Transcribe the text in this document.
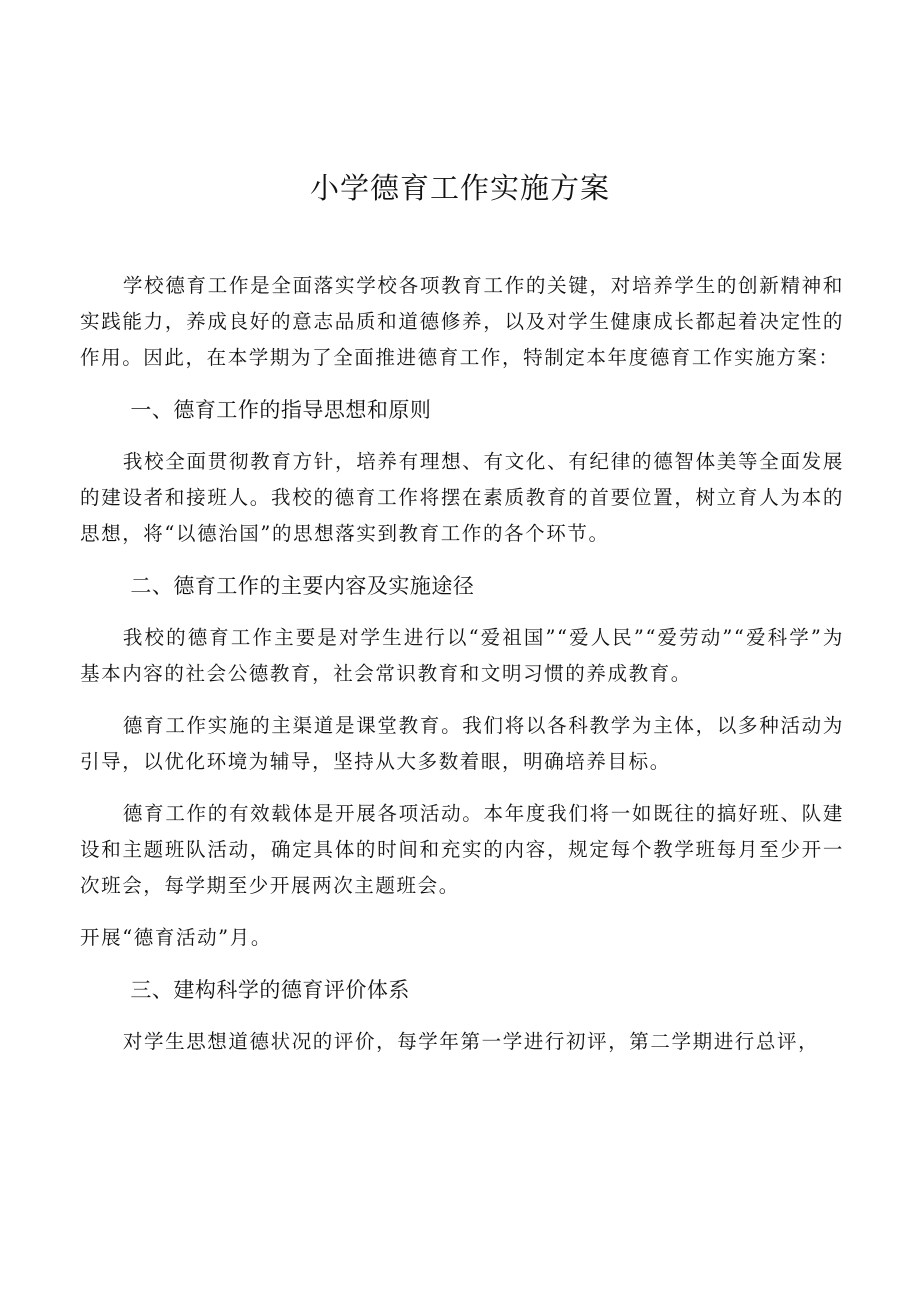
小学德育工作实施方案

学校德育工作是全面落实学校各项教育工作的关键，对培养学生的创新精神和实践能力，养成良好的意志品质和道德修养，以及对学生健康成长都起着决定性的作用。因此，在本学期为了全面推进德育工作，特制定本年度德育工作实施方案：

一、德育工作的指导思想和原则

我校全面贯彻教育方针，培养有理想、有文化、有纪律的德智体美等全面发展的建设者和接班人。我校的德育工作将摆在素质教育的首要位置，树立育人为本的思想，将“以德治国”的思想落实到教育工作的各个环节。

二、德育工作的主要内容及实施途径

我校的德育工作主要是对学生进行以“爱祖国”“爱人民”“爱劳动”“爱科学”为基本内容的社会公德教育，社会常识教育和文明习惯的养成教育。

德育工作实施的主渠道是课堂教育。我们将以各科教学为主体，以多种活动为引导，以优化环境为辅导，坚持从大多数着眼，明确培养目标。

德育工作的有效载体是开展各项活动。本年度我们将一如既往的搞好班、队建设和主题班队活动，确定具体的时间和充实的内容，规定每个教学班每月至少开一次班会，每学期至少开展两次主题班会。

开展“德育活动”月。

三、建构科学的德育评价体系

对学生思想道德状况的评价，每学年第一学进行初评，第二学期进行总评，
